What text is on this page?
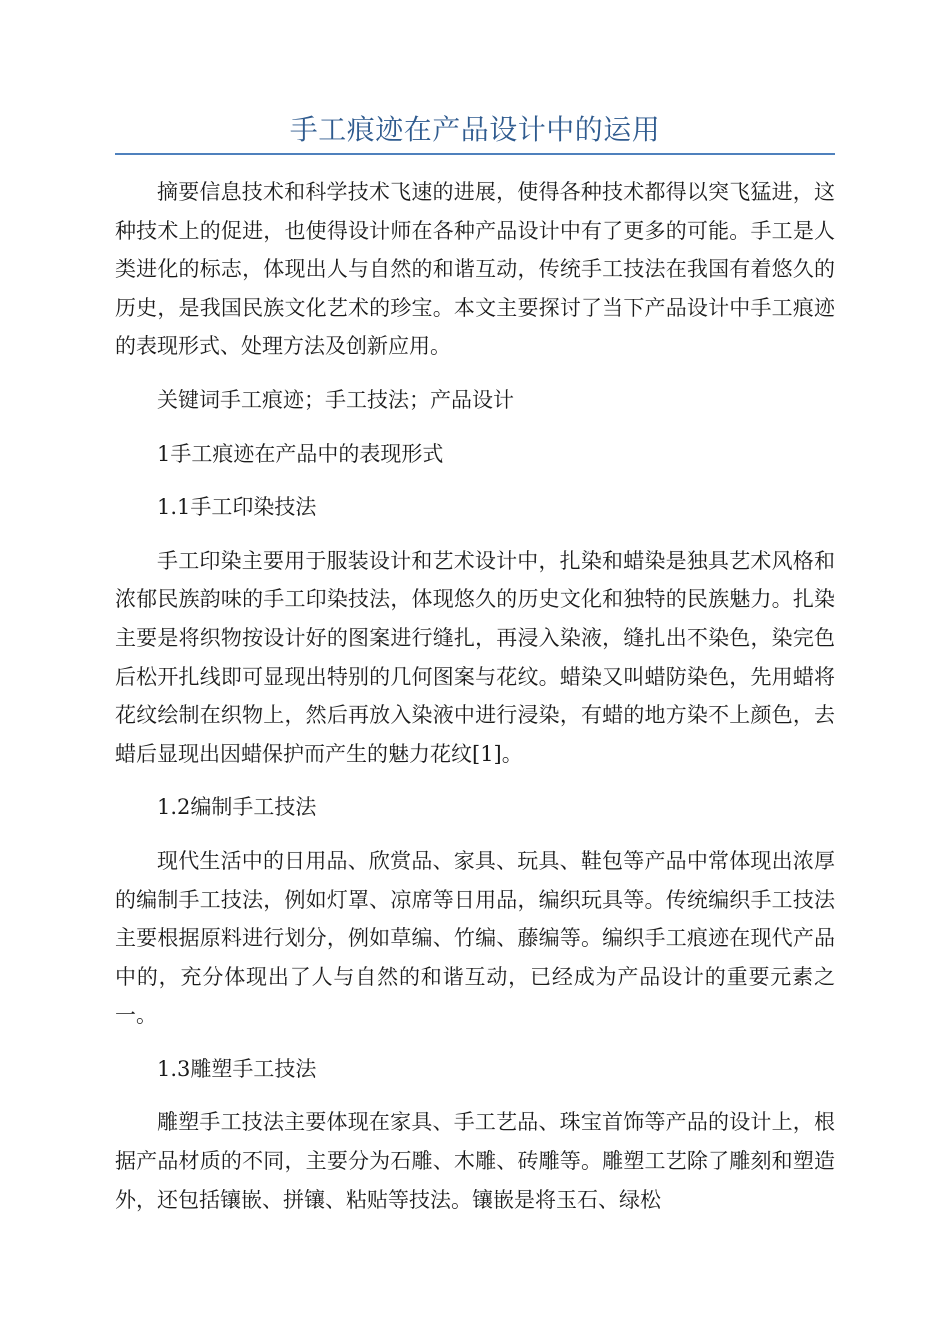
手工痕迹在产品设计中的运用

摘要信息技术和科学技术飞速的进展，使得各种技术都得以突飞猛进，这种技术上的促进，也使得设计师在各种产品设计中有了更多的可能。手工是人类进化的标志，体现出人与自然的和谐互动，传统手工技法在我国有着悠久的历史，是我国民族文化艺术的珍宝。本文主要探讨了当下产品设计中手工痕迹的表现形式、处理方法及创新应用。

关键词手工痕迹；手工技法；产品设计

1手工痕迹在产品中的表现形式

1.1手工印染技法

手工印染主要用于服装设计和艺术设计中，扎染和蜡染是独具艺术风格和浓郁民族韵味的手工印染技法，体现悠久的历史文化和独特的民族魅力。扎染主要是将织物按设计好的图案进行缝扎，再浸入染液，缝扎出不染色，染完色后松开扎线即可显现出特别的几何图案与花纹。蜡染又叫蜡防染色，先用蜡将花纹绘制在织物上，然后再放入染液中进行浸染，有蜡的地方染不上颜色，去蜡后显现出因蜡保护而产生的魅力花纹[1]。

1.2编制手工技法

现代生活中的日用品、欣赏品、家具、玩具、鞋包等产品中常体现出浓厚的编制手工技法，例如灯罩、凉席等日用品，编织玩具等。传统编织手工技法主要根据原料进行划分，例如草编、竹编、藤编等。编织手工痕迹在现代产品中的，充分体现出了人与自然的和谐互动，已经成为产品设计的重要元素之一。

1.3雕塑手工技法

雕塑手工技法主要体现在家具、手工艺品、珠宝首饰等产品的设计上，根据产品材质的不同，主要分为石雕、木雕、砖雕等。雕塑工艺除了雕刻和塑造外，还包括镶嵌、拼镶、粘贴等技法。镶嵌是将玉石、绿松
